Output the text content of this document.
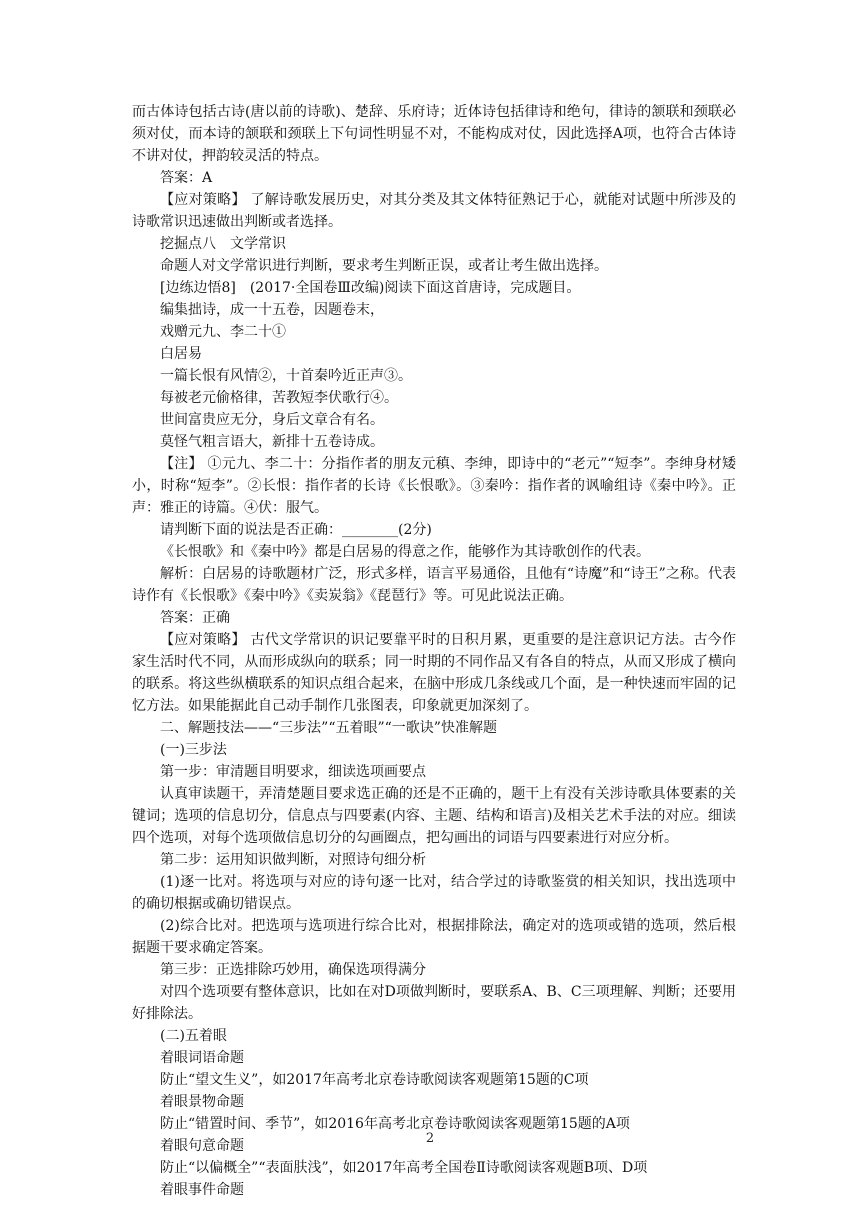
而古体诗包括古诗(唐以前的诗歌)、楚辞、乐府诗；近体诗包括律诗和绝句，律诗的颔联和颈联必须对仗，而本诗的颔联和颈联上下句词性明显不对，不能构成对仗，因此选择A项，也符合古体诗不讲对仗，押韵较灵活的特点。

答案：A

【应对策略】 了解诗歌发展历史，对其分类及其文体特征熟记于心，就能对试题中所涉及的诗歌常识迅速做出判断或者选择。

挖掘点八　文学常识

命题人对文学常识进行判断，要求考生判断正误，或者让考生做出选择。

[边练边悟8]　(2017·全国卷Ⅲ改编)阅读下面这首唐诗，完成题目。

编集拙诗，成一十五卷，因题卷末，

戏赠元九、李二十①

白居易

一篇长恨有风情②，十首秦吟近正声③。

每被老元偷格律，苦教短李伏歌行④。

世间富贵应无分，身后文章合有名。

莫怪气粗言语大，新排十五卷诗成。

【注】 ①元九、李二十：分指作者的朋友元稹、李绅，即诗中的“老元”“短李”。李绅身材矮小，时称“短李”。②长恨：指作者的长诗《长恨歌》。③秦吟：指作者的讽喻组诗《秦中吟》。正声：雅正的诗篇。④伏：服气。

请判断下面的说法是否正确：________(2分)

《长恨歌》和《秦中吟》都是白居易的得意之作，能够作为其诗歌创作的代表。

解析：白居易的诗歌题材广泛，形式多样，语言平易通俗，且他有“诗魔”和“诗王”之称。代表诗作有《长恨歌》《秦中吟》《卖炭翁》《琵琶行》等。可见此说法正确。

答案：正确

【应对策略】 古代文学常识的识记要靠平时的日积月累，更重要的是注意识记方法。古今作家生活时代不同，从而形成纵向的联系；同一时期的不同作品又有各自的特点，从而又形成了横向的联系。将这些纵横联系的知识点组合起来，在脑中形成几条线或几个面，是一种快速而牢固的记忆方法。如果能据此自己动手制作几张图表，印象就更加深刻了。

二、解题技法——“三步法”“五着眼”“一歌诀”快准解题

(一)三步法

第一步：审清题目明要求，细读选项画要点

认真审读题干，弄清楚题目要求选正确的还是不正确的，题干上有没有关涉诗歌具体要素的关键词；选项的信息切分，信息点与四要素(内容、主题、结构和语言)及相关艺术手法的对应。细读四个选项，对每个选项做信息切分的勾画圈点，把勾画出的词语与四要素进行对应分析。

第二步：运用知识做判断，对照诗句细分析

(1)逐一比对。将选项与对应的诗句逐一比对，结合学过的诗歌鉴赏的相关知识，找出选项中的确切根据或确切错误点。

(2)综合比对。把选项与选项进行综合比对，根据排除法，确定对的选项或错的选项，然后根据题干要求确定答案。

第三步：正选排除巧妙用，确保选项得满分

对四个选项要有整体意识，比如在对D项做判断时，要联系A、B、C三项理解、判断；还要用好排除法。

(二)五着眼

着眼词语命题

防止“望文生义”，如2017年高考北京卷诗歌阅读客观题第15题的C项

着眼景物命题

防止“错置时间、季节”，如2016年高考北京卷诗歌阅读客观题第15题的A项

着眼句意命题

防止“以偏概全”“表面肤浅”，如2017年高考全国卷Ⅱ诗歌阅读客观题B项、D项

着眼事件命题

2
